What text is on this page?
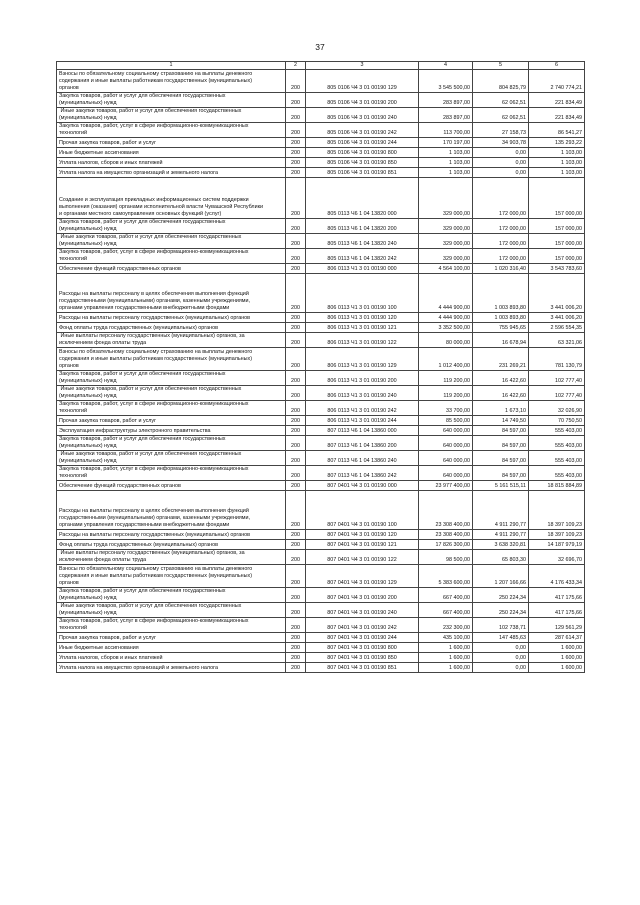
37
1	2	3	4	5	6
Взносы по обязательному социальному страхованию на выплаты денежного
содержания и иные выплаты работникам государственных (муниципальных)
органов	200	805 0106 Ч4 3 01 00190 129	3 545 500,00	804 825,79	2 740 774,21
Закупка товаров, работ и услуг для обеспечения государственных
(муниципальных) нужд	200	805 0106 Ч4 3 01 00190 200	283 897,00	62 062,51	221 834,49
Иные закупки товаров, работ и услуг для обеспечения государственных
(муниципальных) нужд	200	805 0106 Ч4 3 01 00190 240	283 897,00	62 062,51	221 834,49
Закупка товаров, работ, услуг в сфере информационно-коммуникационных
технологий	200	805 0106 Ч4 3 01 00190 242	113 700,00	27 158,73	86 541,27
Прочая закупка товаров, работ и услуг	200	805 0106 Ч4 3 01 00190 244	170 197,00	34 903,78	135 293,22
Иные бюджетные ассигнования	200	805 0106 Ч4 3 01 00190 800	1 103,00	0,00	1 103,00
Уплата налогов, сборов и иных платежей	200	805 0106 Ч4 3 01 00190 850	1 103,00	0,00	1 103,00
Уплата налога на имущество организаций и земельного налога	200	805 0106 Ч4 3 01 00190 851	1 103,00	0,00	1 103,00

Создание и эксплуатация прикладных информационных систем поддержки
выполнения (оказания) органами исполнительной власти Чувашской Республики
и органами местного самоуправления основных функций (услуг)	200	805 0113 Ч6 1 04 13820 000	329 000,00	172 000,00	157 000,00
Закупка товаров, работ и услуг для обеспечения государственных
(муниципальных) нужд	200	805 0113 Ч6 1 04 13820 200	329 000,00	172 000,00	157 000,00
Иные закупки товаров, работ и услуг для обеспечения государственных
(муниципальных) нужд	200	805 0113 Ч6 1 04 13820 240	329 000,00	172 000,00	157 000,00
Закупка товаров, работ, услуг в сфере информационно-коммуникационных
технологий	200	805 0113 Ч6 1 04 13820 242	329 000,00	172 000,00	157 000,00
Обеспечение функций государственных органов	200	806 0113 Ч1 3 01 00190 000	4 564 100,00	1 020 316,40	3 543 783,60

Расходы на выплаты персоналу в целях обеспечения выполнения функций
государственными (муниципальными) органами, казенными учреждениями,
органами управления государственными внебюджетными фондами	200	806 0113 Ч1 3 01 00190 100	4 444 900,00	1 003 893,80	3 441 006,20
Расходы на выплаты персоналу государственных (муниципальных) органов	200	806 0113 Ч1 3 01 00190 120	4 444 900,00	1 003 893,80	3 441 006,20
Фонд оплаты труда государственных (муниципальных) органов	200	806 0113 Ч1 3 01 00190 121	3 352 500,00	755 945,65	2 596 554,35
Иные выплаты персоналу государственных (муниципальных) органов, за
исключением фонда оплаты труда	200	806 0113 Ч1 3 01 00190 122	80 000,00	16 678,94	63 321,06
Взносы по обязательному социальному страхованию на выплаты денежного
содержания и иные выплаты работникам государственных (муниципальных)
органов	200	806 0113 Ч1 3 01 00190 129	1 012 400,00	231 269,21	781 130,79
Закупка товаров, работ и услуг для обеспечения государственных
(муниципальных) нужд	200	806 0113 Ч1 3 01 00190 200	119 200,00	16 422,60	102 777,40
Иные закупки товаров, работ и услуг для обеспечения государственных
(муниципальных) нужд	200	806 0113 Ч1 3 01 00190 240	119 200,00	16 422,60	102 777,40
Закупка товаров, работ, услуг в сфере информационно-коммуникационных
технологий	200	806 0113 Ч1 3 01 00190 242	33 700,00	1 673,10	32 026,90
Прочая закупка товаров, работ и услуг	200	806 0113 Ч1 3 01 00190 244	85 500,00	14 749,50	70 750,50
Эксплуатация инфраструктуры электронного правительства	200	807 0113 Ч6 1 04 13860 000	640 000,00	84 597,00	555 403,00
Закупка товаров, работ и услуг для обеспечения государственных
(муниципальных) нужд	200	807 0113 Ч6 1 04 13860 200	640 000,00	84 597,00	555 403,00
Иные закупки товаров, работ и услуг для обеспечения государственных
(муниципальных) нужд	200	807 0113 Ч6 1 04 13860 240	640 000,00	84 597,00	555 403,00
Закупка товаров, работ, услуг в сфере информационно-коммуникационных
технологий	200	807 0113 Ч6 1 04 13860 242	640 000,00	84 597,00	555 403,00
Обеспечение функций государственных органов	200	807 0401 Ч4 3 01 00190 000	23 977 400,00	5 161 515,11	18 815 884,89

Расходы на выплаты персоналу в целях обеспечения выполнения функций
государственными (муниципальными) органами, казенными учреждениями,
органами управления государственными внебюджетными фондами	200	807 0401 Ч4 3 01 00190 100	23 308 400,00	4 911 290,77	18 397 109,23
Расходы на выплаты персоналу государственных (муниципальных) органов	200	807 0401 Ч4 3 01 00190 120	23 308 400,00	4 911 290,77	18 397 109,23
Фонд оплаты труда государственных (муниципальных) органов	200	807 0401 Ч4 3 01 00190 121	17 826 300,00	3 638 320,81	14 187 979,19
Иные выплаты персоналу государственных (муниципальных) органов, за
исключением фонда оплаты труда	200	807 0401 Ч4 3 01 00190 122	98 500,00	65 803,30	32 696,70
Взносы по обязательному социальному страхованию на выплаты денежного
содержания и иные выплаты работникам государственных (муниципальных)
органов	200	807 0401 Ч4 3 01 00190 129	5 383 600,00	1 207 166,66	4 176 433,34
Закупка товаров, работ и услуг для обеспечения государственных
(муниципальных) нужд	200	807 0401 Ч4 3 01 00190 200	667 400,00	250 224,34	417 175,66
Иные закупки товаров, работ и услуг для обеспечения государственных
(муниципальных) нужд	200	807 0401 Ч4 3 01 00190 240	667 400,00	250 224,34	417 175,66
Закупка товаров, работ, услуг в сфере информационно-коммуникационных
технологий	200	807 0401 Ч4 3 01 00190 242	232 300,00	102 738,71	129 561,29
Прочая закупка товаров, работ и услуг	200	807 0401 Ч4 3 01 00190 244	435 100,00	147 485,63	287 614,37
Иные бюджетные ассигнования	200	807 0401 Ч4 3 01 00190 800	1 600,00	0,00	1 600,00
Уплата налогов, сборов и иных платежей	200	807 0401 Ч4 3 01 00190 850	1 600,00	0,00	1 600,00
Уплата налога на имущество организаций и земельного налога	200	807 0401 Ч4 3 01 00190 851	1 600,00	0,00	1 600,00
